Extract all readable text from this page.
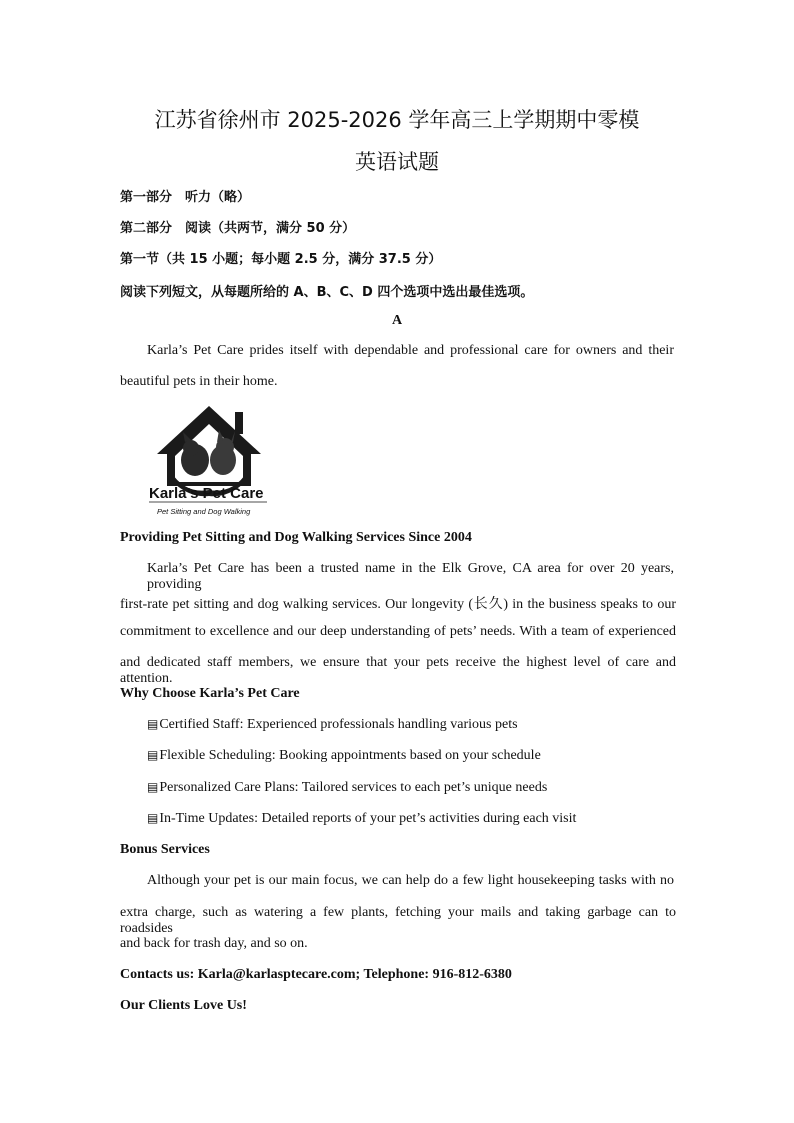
江苏省徐州市 2025-2026 学年高三上学期期中零模
英语试题
第一部分　听力（略）
第二部分　阅读（共两节，满分 50 分）
第一节（共 15 小题；每小题 2.5 分，满分 37.5 分）
阅读下列短文，从每题所给的 A、B、C、D 四个选项中选出最佳选项。
A
Karla’s Pet Care prides itself with dependable and professional care for owners and their
beautiful pets in their home.
Karla’s Pet Care
Pet Sitting and Dog Walking
Providing Pet Sitting and Dog Walking Services Since 2004
Karla’s Pet Care has been a trusted name in the Elk Grove, CA area for over 20 years, providing
first-rate pet sitting and dog walking services. Our longevity (长久) in the business speaks to our
commitment to excellence and our deep understanding of pets’ needs. With a team of experienced
and dedicated staff members, we ensure that your pets receive the highest level of care and attention.
Why Choose Karla’s Pet Care
▤Certified Staff: Experienced professionals handling various pets
▤Flexible Scheduling: Booking appointments based on your schedule
▤Personalized Care Plans: Tailored services to each pet’s unique needs
▤In-Time Updates: Detailed reports of your pet’s activities during each visit
Bonus Services
Although your pet is our main focus, we can help do a few light housekeeping tasks with no
extra charge, such as watering a few plants, fetching your mails and taking garbage can to roadsides
and back for trash day, and so on.
Contacts us: Karla@karlasptecare.com; Telephone: 916-812-6380
Our Clients Love Us!
